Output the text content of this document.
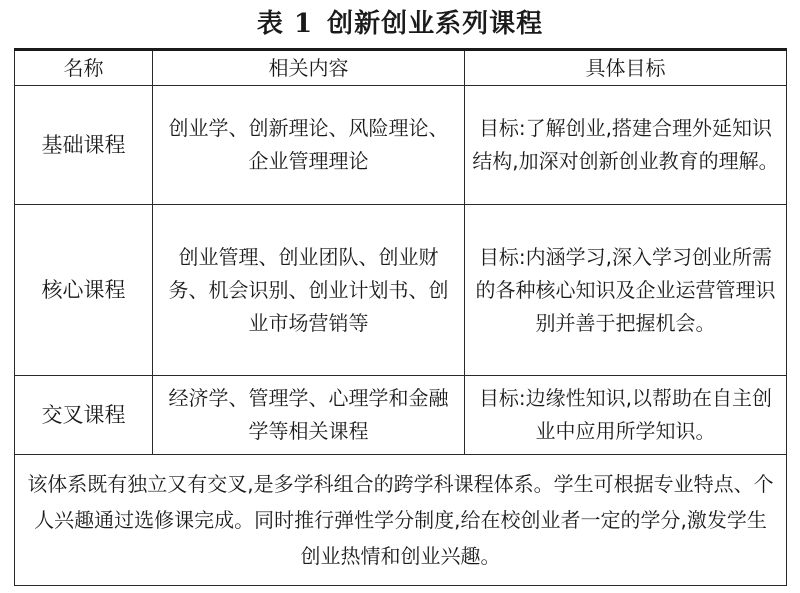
表 1 创新创业系列课程
名称	相关内容	具体目标
基础课程	创业学、创新理论、风险理论、企业管理理论	目标:了解创业,搭建合理外延知识结构,加深对创新创业教育的理解。
核心课程	创业管理、创业团队、创业财务、机会识别、创业计划书、创业市场营销等	目标:内涵学习,深入学习创业所需的各种核心知识及企业运营管理识别并善于把握机会。
交叉课程	经济学、管理学、心理学和金融学等相关课程	目标:边缘性知识,以帮助在自主创业中应用所学知识。
该体系既有独立又有交叉,是多学科组合的跨学科课程体系。学生可根据专业特点、个人兴趣通过选修课完成。同时推行弹性学分制度,给在校创业者一定的学分,激发学生创业热情和创业兴趣。		
